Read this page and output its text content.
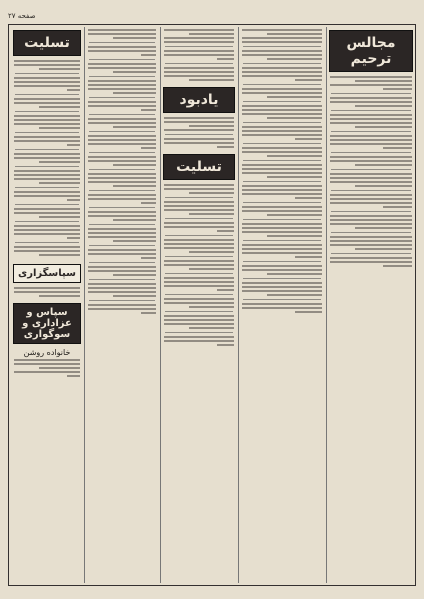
صفحه ۲۷
مجالس ترحیم
یادبود
تسلیت
تسلیت
سپاسگزاری
سپاس و عزاداری و سوگواری
خانواده روشن
